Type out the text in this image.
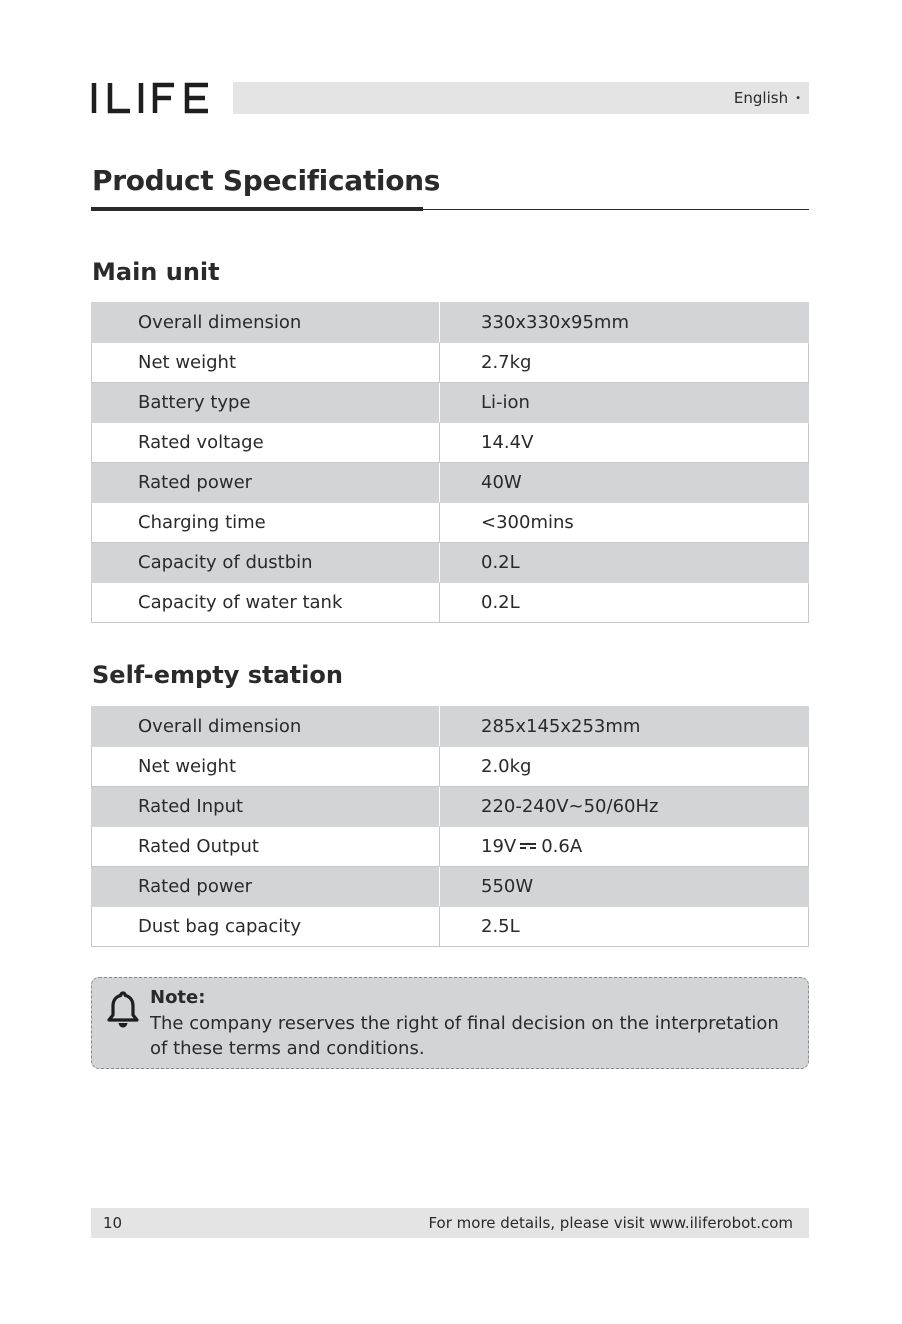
English •
Product Specifications
Main unit
Overall dimension	330x330x95mm
Net weight	2.7kg
Battery type	Li-ion
Rated voltage	14.4V
Rated power	40W
Charging time	<300mins
Capacity of dustbin	0.2L
Capacity of water tank	0.2L
Self-empty station
Overall dimension	285x145x253mm
Net weight	2.0kg
Rated Input	220-240V~50/60Hz
Rated Output	19V 0.6A
Rated power	550W
Dust bag capacity	2.5L
Note:

The company reserves the right of final decision on the interpretation of these terms and conditions.

10	For more details, please visit www.iliferobot.com
